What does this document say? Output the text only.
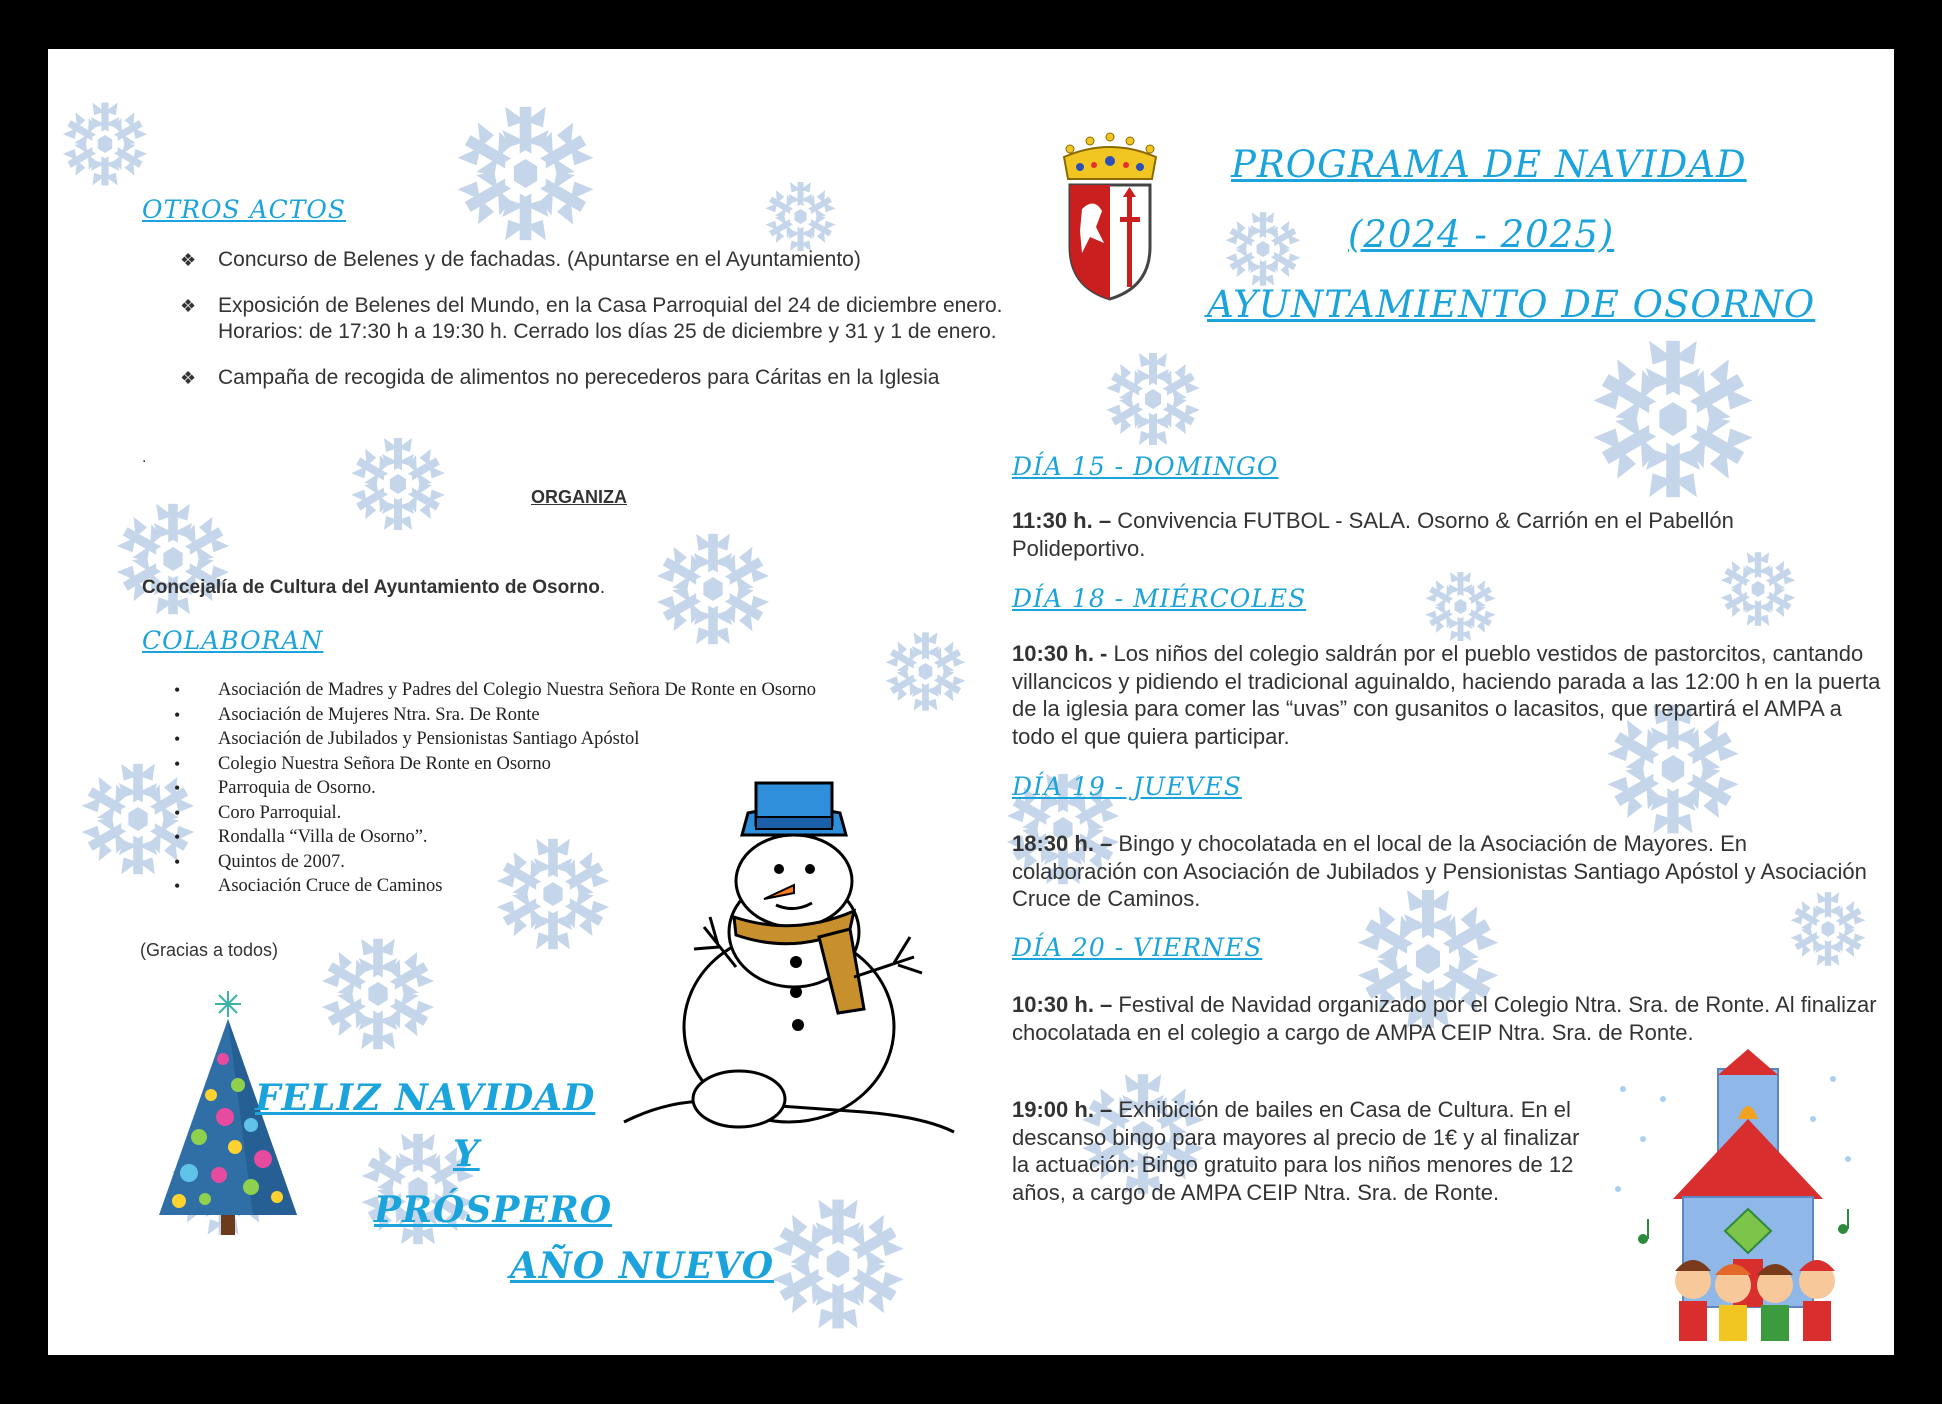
OTROS ACTOS
❖ Concurso de Belenes y de fachadas. (Apuntarse en el Ayuntamiento)
❖ Exposición de Belenes del Mundo, en la Casa Parroquial del 24 de diciembre enero. Horarios: de 17:30 h a 19:30 h. Cerrado los días 25 de diciembre y 31 y 1 de enero.
❖ Campaña de recogida de alimentos no perecederos para Cáritas en la Iglesia
.
ORGANIZA
Concejalía de Cultura del Ayuntamiento de Osorno.
COLABORAN
• Asociación de Madres y Padres del Colegio Nuestra Señora De Ronte en Osorno
• Asociación de Mujeres Ntra. Sra. De Ronte
• Asociación de Jubilados y Pensionistas Santiago Apóstol
• Colegio Nuestra Señora De Ronte en Osorno
• Parroquia de Osorno.
• Coro Parroquial.
• Rondalla “Villa de Osorno”.
• Quintos de 2007.
• Asociación Cruce de Caminos
(Gracias a todos)
FELIZ NAVIDAD
Y
PRÓSPERO
AÑO NUEVO
PROGRAMA DE NAVIDAD
(2024 - 2025)
AYUNTAMIENTO DE OSORNO
DÍA 15 - DOMINGO
11:30 h. – Convivencia FUTBOL - SALA. Osorno & Carrión en el Pabellón Polideportivo.
DÍA 18 - MIÉRCOLES
10:30 h. - Los niños del colegio saldrán por el pueblo vestidos de pastorcitos, cantando villancicos y pidiendo el tradicional aguinaldo, haciendo parada a las 12:00 h en la puerta de la iglesia para comer las “uvas” con gusanitos o lacasitos, que repartirá el AMPA a todo el que quiera participar.
DÍA 19 - JUEVES
18:30 h. – Bingo y chocolatada en el local de la Asociación de Mayores. En colaboración con Asociación de Jubilados y Pensionistas Santiago Apóstol y Asociación Cruce de Caminos.
DÍA 20 - VIERNES
10:30 h. – Festival de Navidad organizado por el Colegio Ntra. Sra. de Ronte. Al finalizar chocolatada en el colegio a cargo de AMPA CEIP Ntra. Sra. de Ronte.
19:00 h. – Exhibición de bailes en Casa de Cultura. En el descanso bingo para mayores al precio de 1€ y al finalizar la actuación: Bingo gratuito para los niños menores de 12 años, a cargo de AMPA CEIP Ntra. Sra. de Ronte.
